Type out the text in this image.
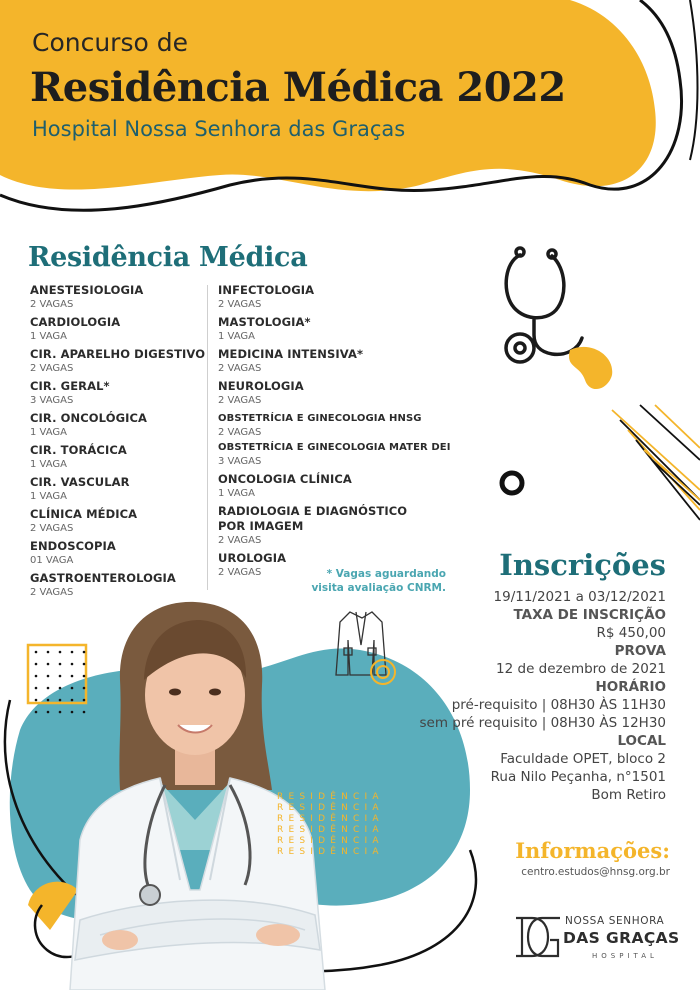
Concurso de
Residência Médica 2022
Hospital Nossa Senhora das Graças
Residência Médica
ANESTESIOLOGIA
2 VAGAS
CARDIOLOGIA
1 VAGA
CIR. APARELHO DIGESTIVO
2 VAGAS
CIR. GERAL*
3 VAGAS
CIR. ONCOLÓGICA
1 VAGA
CIR. TORÁCICA
1 VAGA
CIR. VASCULAR
1 VAGA
CLÍNICA MÉDICA
2 VAGAS
ENDOSCOPIA
01 VAGA
GASTROENTEROLOGIA
2 VAGAS
INFECTOLOGIA
2 VAGAS
MASTOLOGIA*
1 VAGA
MEDICINA INTENSIVA*
2 VAGAS
NEUROLOGIA
2 VAGAS
OBSTETRÍCIA E GINECOLOGIA HNSG
2 VAGAS
OBSTETRÍCIA E GINECOLOGIA MATER DEI
3 VAGAS
ONCOLOGIA CLÍNICA
1 VAGA
RADIOLOGIA E DIAGNÓSTICO
POR IMAGEM
2 VAGAS
UROLOGIA
2 VAGAS	* Vagas aguardando
visita avaliação CNRM.
Inscrições
19/11/2021 a 03/12/2021
TAXA DE INSCRIÇÃO
R$ 450,00
PROVA
12 de dezembro de 2021
HORÁRIO
pré-requisito | 08H30 ÀS 11H30
sem pré requisito | 08H30 ÀS 12H30
LOCAL
Faculdade OPET, bloco 2
Rua Nilo Peçanha, n°1501
Bom Retiro
RESIDÊNCIA
RESIDÊNCIA
RESIDÊNCIA
RESIDÊNCIA
RESIDÊNCIA
RESIDÊNCIA	Informações:
centro.estudos@hnsg.org.br
NOSSA SENHORA
DAS GRAÇAS
HOSPITAL
